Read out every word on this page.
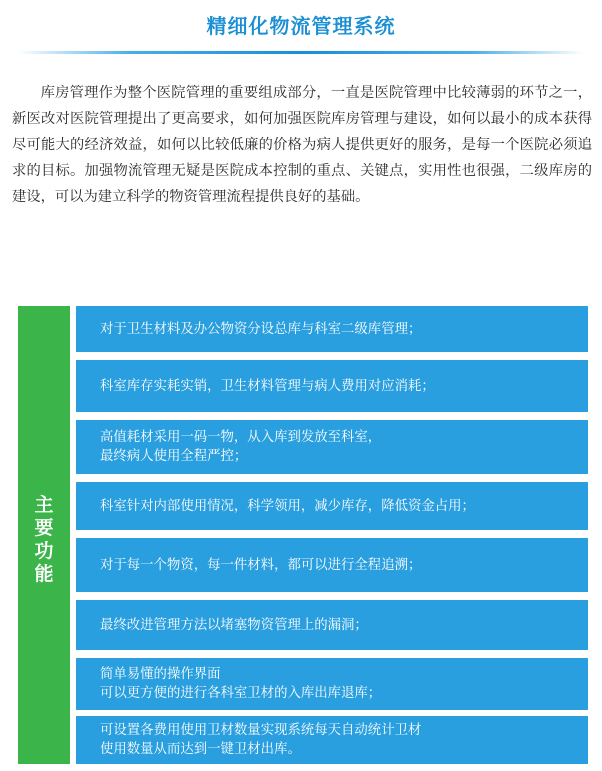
精细化物流管理系统

库房管理作为整个医院管理的重要组成部分，一直是医院管理中比较薄弱的环节之一，新医改对医院管理提出了更高要求，如何加强医院库房管理与建设，如何以最小的成本获得尽可能大的经济效益，如何以比较低廉的价格为病人提供更好的服务，是每一个医院必须追求的目标。加强物流管理无疑是医院成本控制的重点、关键点，实用性也很强，二级库房的建设，可以为建立科学的物资管理流程提供良好的基础。

主
要
功
能
对于卫生材料及办公物资分设总库与科室二级库管理；
科室库存实耗实销，卫生材料管理与病人费用对应消耗；
高值耗材采用一码一物，从入库到发放至科室，
最终病人使用全程严控；
科室针对内部使用情况，科学领用，减少库存，降低资金占用；
对于每一个物资，每一件材料，都可以进行全程追溯；
最终改进管理方法以堵塞物资管理上的漏洞；
简单易懂的操作界面
可以更方便的进行各科室卫材的入库出库退库；
可设置各费用使用卫材数量实现系统每天自动统计卫材
使用数量从而达到一键卫材出库。
